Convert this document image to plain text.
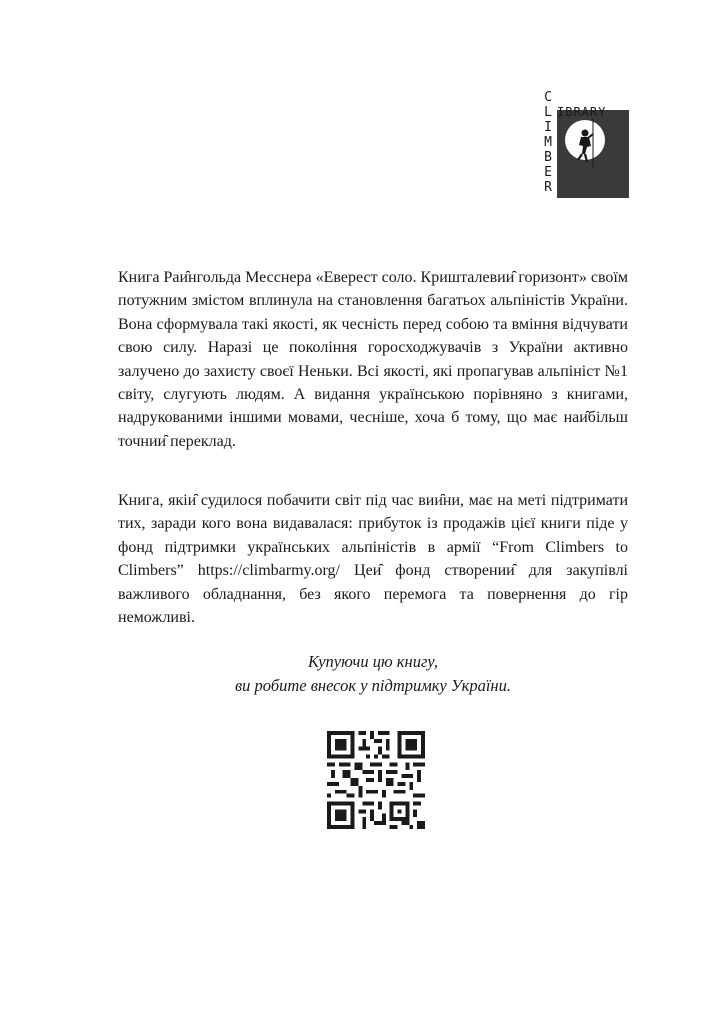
C
L
I
M
B
E
R
IBRARY
Книга Раи̑нгольда Месснера «Еверест соло. Кришталевии̑ горизонт» своїм потужним змістом вплинула на становлення багатьох альпіністів України. Вона сформувала такі якості, як чесність перед собою та вміння відчувати свою силу. Наразі це покоління горосходжувачів з України активно залучено до захисту своєї Неньки. Всі якості, які пропагував альпініст №1 світу, слугують людям. А видання українською порівняно з книгами, надрукованими іншими мовами, чесніше, хоча б тому, що має наи̑більш точнии̑ переклад.
Книга, якіи̑ судилося побачити світ під час вии̑ни, має на меті підтримати тих, заради кого вона видавалася: прибуток із продажів цієї книги піде у фонд підтримки українських альпіністів в армії “From Climbers to Climbers” https://climbarmy.org/ Цеи̑ фонд створении̑ для закупівлі важливого обладнання, без якого перемога та повернення до гір неможливі.
Купуючи цю книгу,
ви робите внесок у підтримку України.
